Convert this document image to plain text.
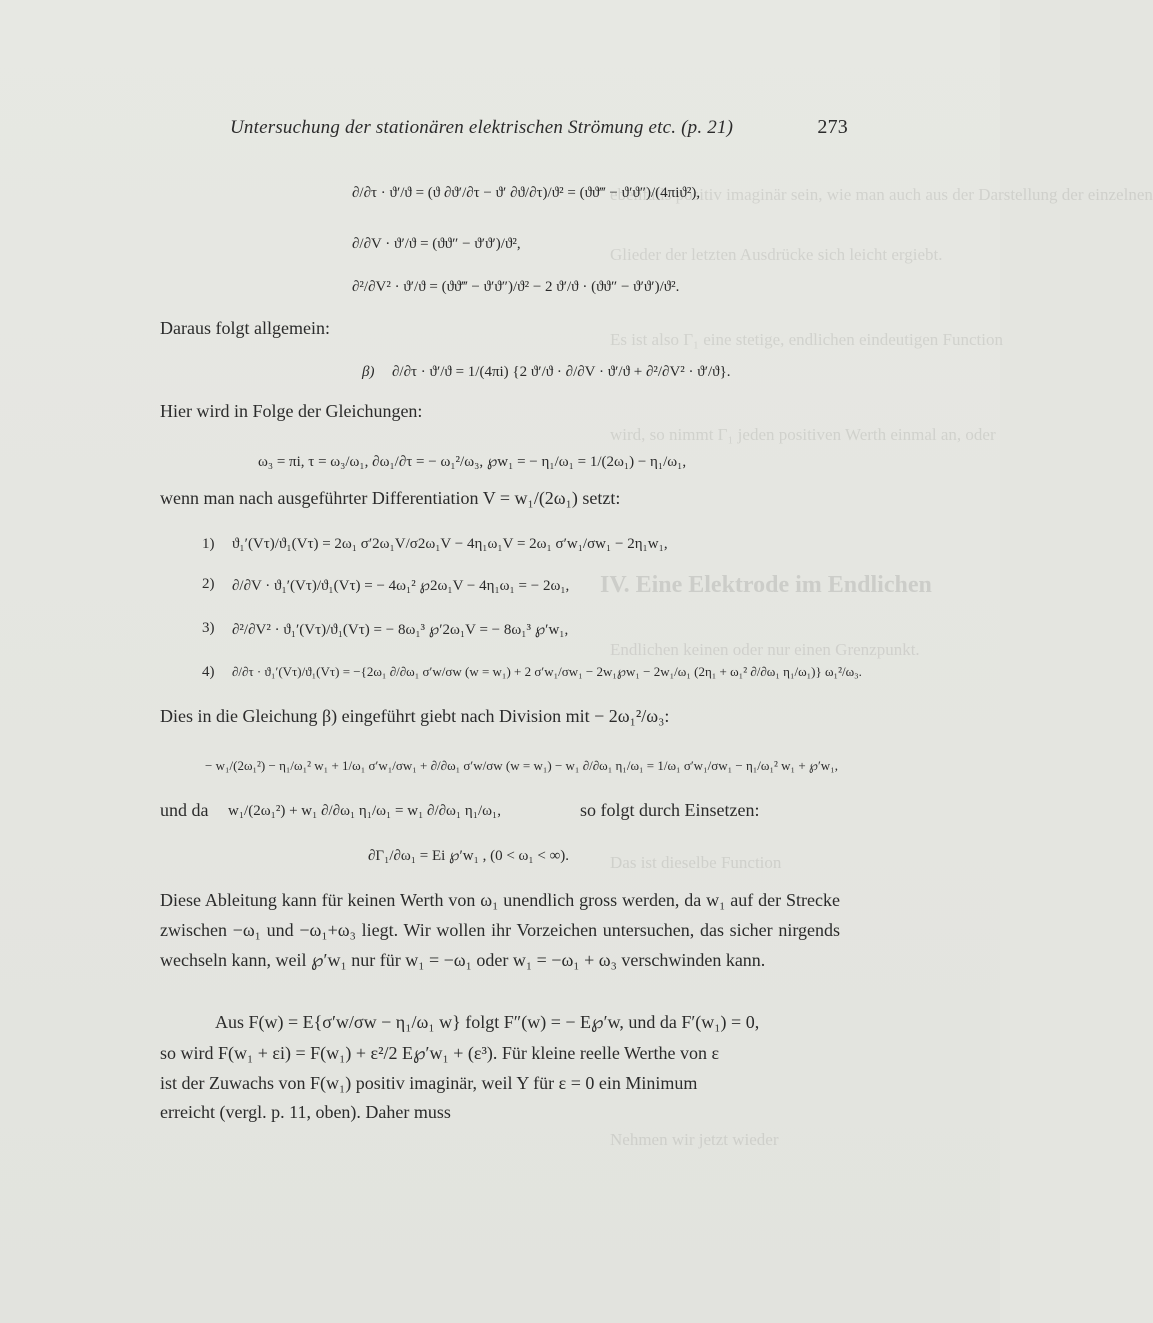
ebenfalls positiv imaginär sein, wie man auch aus der Darstellung der einzelnen
Glieder der letzten Ausdrücke sich leicht ergiebt.
Es ist also Γ₁ eine stetige, endlichen eindeutigen Function
wird, so nimmt Γ₁ jeden positiven Werth einmal an, oder
IV. Eine Elektrode im Endlichen
Endlichen keinen oder nur einen Grenzpunkt.
Das ist dieselbe Function
Nehmen wir jetzt wieder
Untersuchung der stationären elektrischen Strömung etc. (p. 21)	273
∂/∂τ · ϑ′/ϑ = (ϑ ∂ϑ′/∂τ − ϑ′ ∂ϑ/∂τ)/ϑ² = (ϑϑ‴ − ϑ′ϑ″)/(4πiϑ²),
∂/∂V · ϑ′/ϑ = (ϑϑ″ − ϑ′ϑ′)/ϑ²,
∂²/∂V² · ϑ′/ϑ = (ϑϑ‴ − ϑ′ϑ″)/ϑ² − 2 ϑ′/ϑ · (ϑϑ″ − ϑ′ϑ′)/ϑ².
Daraus folgt allgemein:
β) ∂/∂τ · ϑ′/ϑ = 1/(4πi) {2 ϑ′/ϑ · ∂/∂V · ϑ′/ϑ + ∂²/∂V² · ϑ′/ϑ}.
Hier wird in Folge der Gleichungen:
ω₃ = πi, τ = ω₃/ω₁, ∂ω₁/∂τ = − ω₁²/ω₃, ℘w₁ = − η₁/ω₁ = 1/(2ω₁) − η₁/ω₁,
wenn man nach ausgeführter Differentiation V = w₁/(2ω₁) setzt:
1) ϑ₁′(Vτ)/ϑ₁(Vτ) = 2ω₁ σ′2ω₁V/σ2ω₁V − 4η₁ω₁V = 2ω₁ σ′w₁/σw₁ − 2η₁w₁,
2) ∂/∂V · ϑ₁′(Vτ)/ϑ₁(Vτ) = − 4ω₁² ℘2ω₁V − 4η₁ω₁ = − 2ω₁,
3) ∂²/∂V² · ϑ₁′(Vτ)/ϑ₁(Vτ) = − 8ω₁³ ℘′2ω₁V = − 8ω₁³ ℘′w₁,
4) ∂/∂τ · ϑ₁′(Vτ)/ϑ₁(Vτ) = −{2ω₁ ∂/∂ω₁ σ′w/σw (w = w₁) + 2 σ′w₁/σw₁ − 2w₁℘w₁ − 2w₁/ω₁ (2η₁ + ω₁² ∂/∂ω₁ η₁/ω₁)} ω₁²/ω₃.
Dies in die Gleichung β) eingeführt giebt nach Division mit − 2ω₁²/ω₃:
− w₁/(2ω₁²) − η₁/ω₁² w₁ + 1/ω₁ σ′w₁/σw₁ + ∂/∂ω₁ σ′w/σw (w = w₁) − w₁ ∂/∂ω₁ η₁/ω₁ = 1/ω₁ σ′w₁/σw₁ − η₁/ω₁² w₁ + ℘′w₁,
und da w₁/(2ω₁²) + w₁ ∂/∂ω₁ η₁/ω₁ = w₁ ∂/∂ω₁ η₁/ω₁,	so folgt durch Einsetzen:
∂Γ₁/∂ω₁ = Ei ℘′w₁ , (0 < ω₁ < ∞).
Diese Ableitung kann für keinen Werth von ω₁ unendlich gross werden, da w₁ auf der Strecke zwischen −ω₁ und −ω₁+ω₃ liegt. Wir wollen ihr Vorzeichen untersuchen, das sicher nirgends wechseln kann, weil ℘′w₁ nur für w₁ = −ω₁ oder w₁ = −ω₁ + ω₃ verschwinden kann.
Aus F(w) = E{σ′w/σw − η₁/ω₁ w} folgt F″(w) = − E℘′w, und da F′(w₁) = 0,
so wird F(w₁ + εi) = F(w₁) + ε²/2 E℘′w₁ + (ε³). Für kleine reelle Werthe von ε
ist der Zuwachs von F(w₁) positiv imaginär, weil Y für ε = 0 ein Minimum
erreicht (vergl. p. 11, oben). Daher muss
